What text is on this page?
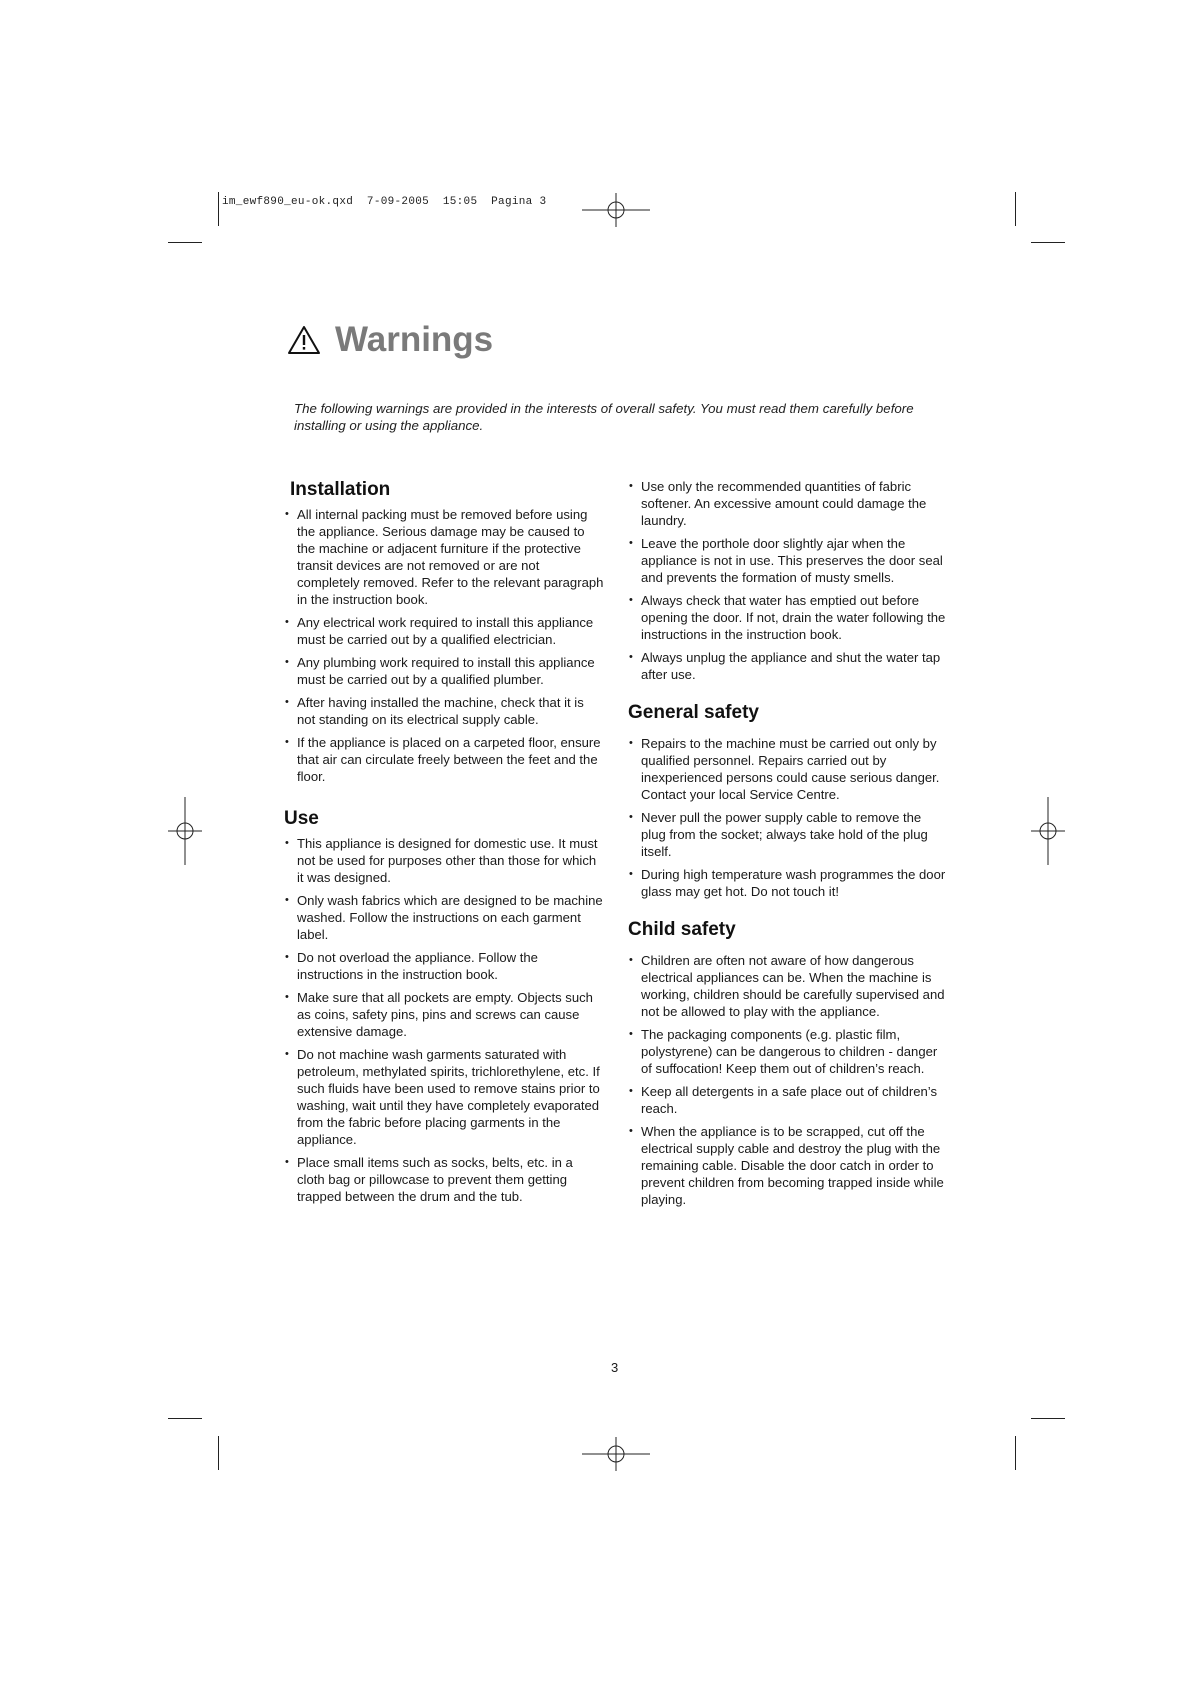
im_ewf890_eu-ok.qxd  7-09-2005  15:05  Pagina 3
Warnings
The following warnings are provided in the interests of overall safety. You must read them carefully before installing or using the appliance.
Installation
• All internal packing must be removed before using the appliance. Serious damage may be caused to the machine or adjacent furniture if the protective transit devices are not removed or are not completely removed. Refer to the relevant paragraph in the instruction book.
• Any electrical work required to install this appliance must be carried out by a qualified electrician.
• Any plumbing work required to install this appliance must be carried out by a qualified plumber.
• After having installed the machine, check that it is not standing on its electrical supply cable.
• If the appliance is placed on a carpeted floor, ensure that air can circulate freely between the feet and the floor.
Use
• This appliance is designed for domestic use. It must not be used for purposes other than those for which it was designed.
• Only wash fabrics which are designed to be machine washed. Follow the instructions on each garment label.
• Do not overload the appliance. Follow the instructions in the instruction book.
• Make sure that all pockets are empty. Objects such as coins, safety pins, pins and screws can cause extensive damage.
• Do not machine wash garments saturated with petroleum, methylated spirits, trichlorethylene, etc. If such fluids have been used to remove stains prior to washing, wait until they have completely evaporated from the fabric before placing garments in the appliance.
• Place small items such as socks, belts, etc. in a cloth bag or pillowcase to prevent them getting trapped between the drum and the tub.
• Use only the recommended quantities of fabric softener. An excessive amount could damage the laundry.
• Leave the porthole door slightly ajar when the appliance is not in use. This preserves the door seal and prevents the formation of musty smells.
• Always check that water has emptied out before opening the door. If not, drain the water following the instructions in the instruction book.
• Always unplug the appliance and shut the water tap after use.
General safety
• Repairs to the machine must be carried out only by qualified personnel. Repairs carried out by inexperienced persons could cause serious danger. Contact your local Service Centre.
• Never pull the power supply cable to remove the plug from the socket; always take hold of the plug itself.
• During high temperature wash programmes the door glass may get hot. Do not touch it!
Child safety
• Children are often not aware of how dangerous electrical appliances can be. When the machine is working, children should be carefully supervised and not be allowed to play with the appliance.
• The packaging components (e.g. plastic film, polystyrene) can be dangerous to children - danger of suffocation! Keep them out of children’s reach.
• Keep all detergents in a safe place out of children’s reach.
• When the appliance is to be scrapped, cut off the electrical supply cable and destroy the plug with the remaining cable. Disable the door catch in order to prevent children from becoming trapped inside while playing.
3
